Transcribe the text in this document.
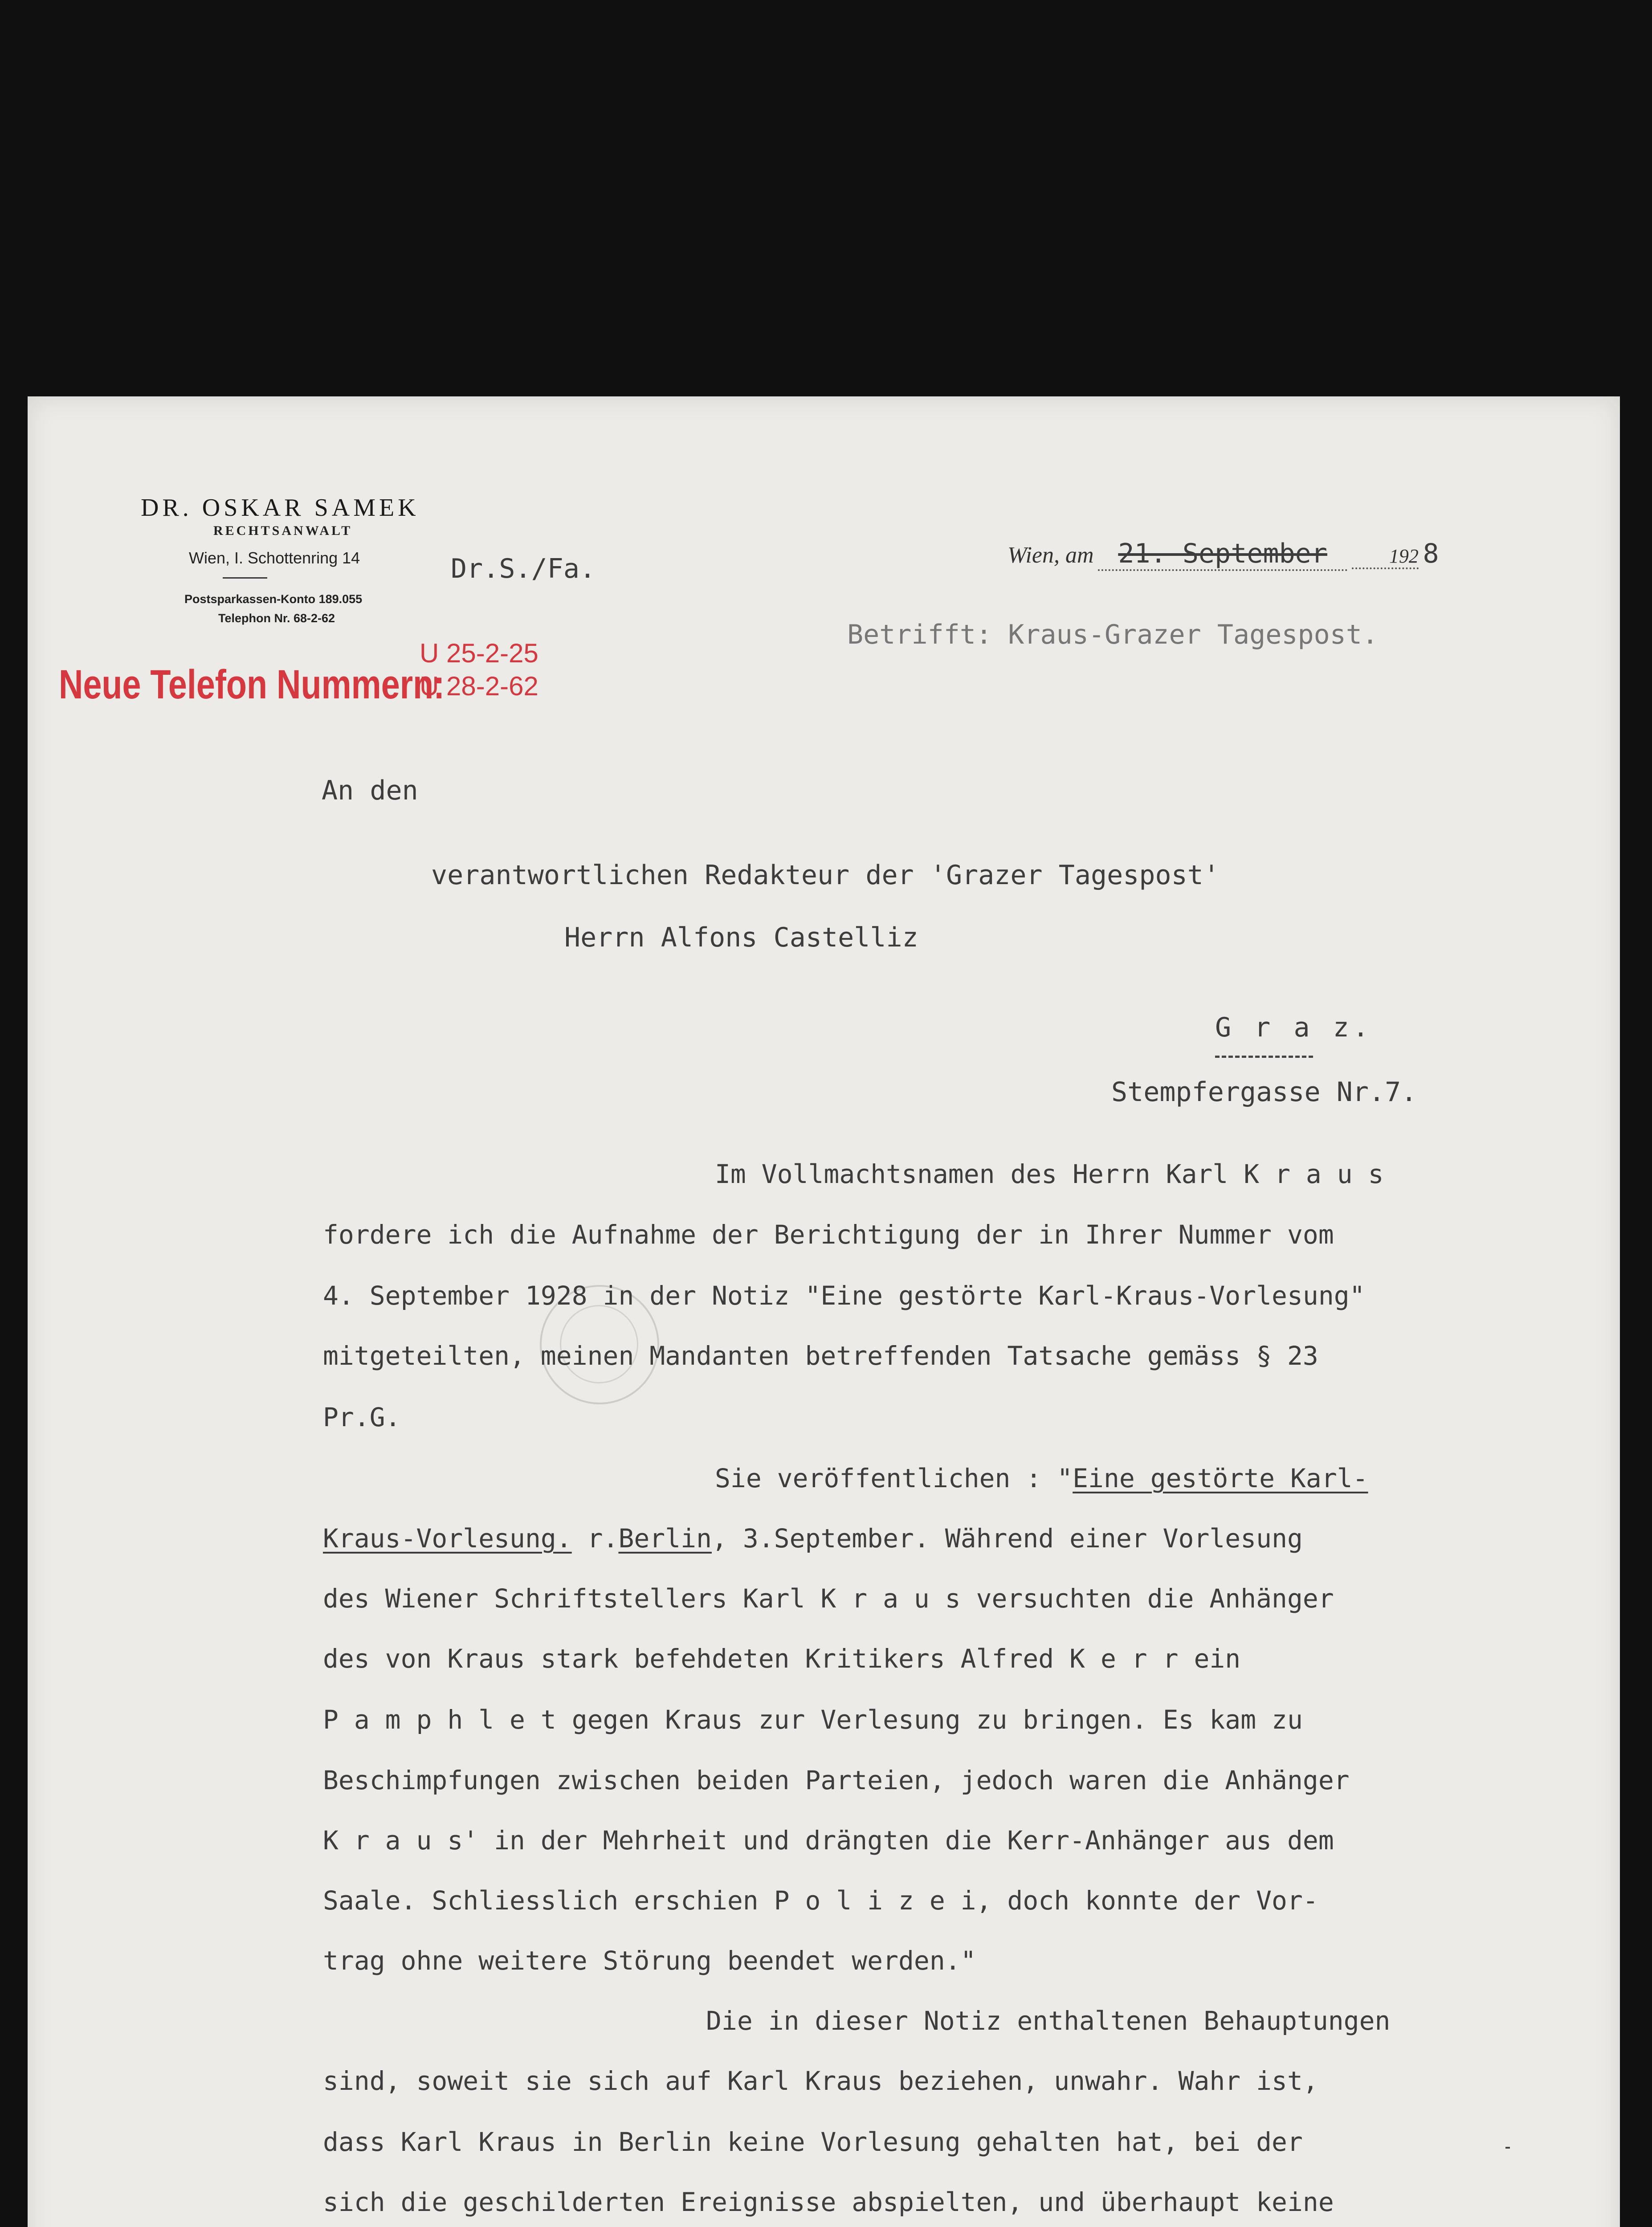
DR. OSKAR SAMEK
RECHTSANWALT
Wien, I. Schottenring 14
Postsparkassen-Konto 189.055
Telephon Nr. 68-2-62
Neue Telefon Nummern:
U 25-2-25
U 28-2-62
Dr.S./Fa.	Wien, am 21. September	192 8
Betrifft: Kraus-Grazer Tagespost.
An den
verantwortlichen Redakteur der 'Grazer Tagespost'
Herrn Alfons Castelliz
G r a z.
Stempfergasse Nr.7.
Im Vollmachtsnamen des Herrn Karl K r a u s
fordere ich die Aufnahme der Berichtigung der in Ihrer Nummer vom
4. September 1928 in der Notiz "Eine gestörte Karl-Kraus-Vorlesung"
mitgeteilten, meinen Mandanten betreffenden Tatsache gemäss § 23
Pr.G.
Sie veröffentlichen : "Eine gestörte Karl-
Kraus-Vorlesung. r.Berlin, 3.September. Während einer Vorlesung
des Wiener Schriftstellers Karl K r a u s versuchten die Anhänger
des von Kraus stark befehdeten Kritikers Alfred K e r r ein
P a m p h l e t gegen Kraus zur Verlesung zu bringen. Es kam zu
Beschimpfungen zwischen beiden Parteien, jedoch waren die Anhänger
K r a u s' in der Mehrheit und drängten die Kerr-Anhänger aus dem
Saale. Schliesslich erschien P o l i z e i, doch konnte der Vor-
trag ohne weitere Störung beendet werden."
Die in dieser Notiz enthaltenen Behauptungen
sind, soweit sie sich auf Karl Kraus beziehen, unwahr. Wahr ist,
dass Karl Kraus in Berlin keine Vorlesung gehalten hat, bei der
sich die geschilderten Ereignisse abspielten, und überhaupt keine
